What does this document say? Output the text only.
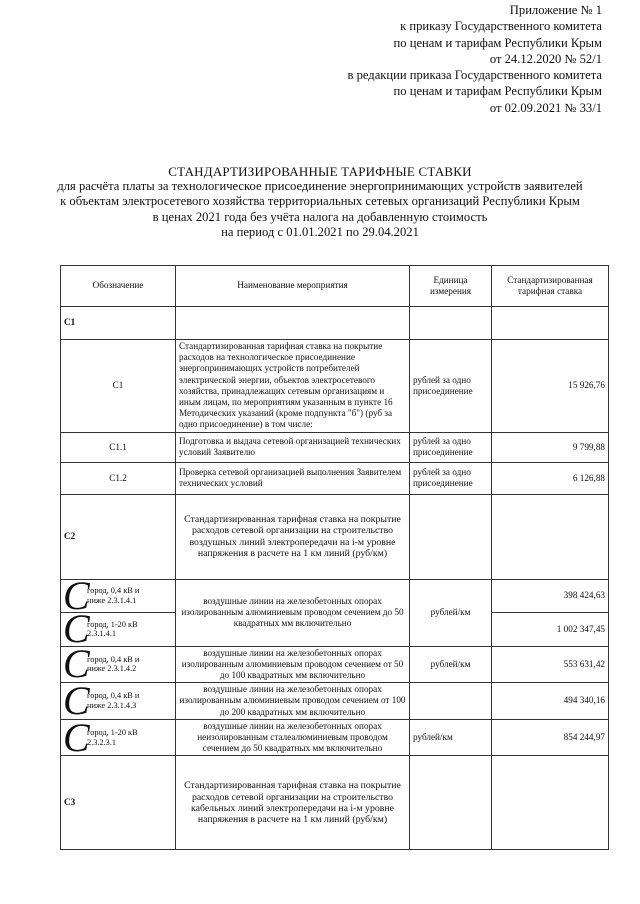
Приложение № 1
к приказу Государственного комитета
по ценам и тарифам Республики Крым
от 24.12.2020 № 52/1
в редакции приказа Государственного комитета
по ценам и тарифам Республики Крым
от 02.09.2021 № 33/1
СТАНДАРТИЗИРОВАННЫЕ ТАРИФНЫЕ СТАВКИ
для расчёта платы за технологическое присоединение энергопринимающих устройств заявителей
к объектам электросетевого хозяйства территориальных сетевых организаций Республики Крым
в ценах 2021 года без учёта налога на добавленную стоимость
на период с 01.01.2021 по 29.04.2021
Обозначение	Наименование мероприятия	Единица измерения	Стандартизированная тарифная ставка
C1			
C1	Стандартизированная тарифная ставка на покрытие расходов на технологическое присоединение энергопринимающих устройств потребителей электрической энергии, объектов электросетевого хозяйства, принадлежащих сетевым организациям и иным лицам, по мероприятиям указанным в пункте 16 Методических указаний (кроме подпункта "б") (руб за одно присоединение) в том числе:	рублей за одно присоединение	15 926,76
C1.1	Подготовка и выдача сетевой организацией технических условий Заявителю	рублей за одно присоединение	9 799,88
C1.2	Проверка сетевой организацией выполнения Заявителем технических условий	рублей за одно присоединение	6 126,88
C2	Стандартизированная тарифная ставка на покрытие расходов сетевой организации на строительство воздушных линий электропередачи на i-м уровне напряжения в расчете на 1 км линий (руб/км)		
Cгород, 0,4 кВ и ниже 2.3.1.4.1	воздушные линии на железобетонных опорах изолированным алюминиевым проводом сечением до 50 квадратных мм включительно	рублей/км	398 424,63
Cгород, 1-20 кВ 2.3.1.4.1			1 002 347,45
Cгород, 0,4 кВ и ниже 2.3.1.4.2	воздушные линии на железобетонных опорах изолированным алюминиевым проводом сечением от 50 до 100 квадратных мм включительно	рублей/км	553 631,42
Cгород, 0,4 кВ и ниже 2.3.1.4.3	воздушные линии на железобетонных опорах изолированным алюминиевым проводом сечением от 100 до 200 квадратных мм включительно		494 340,16
Cгород, 1-20 кВ 2.3.2.3.1	воздушные линии на железобетонных опорах неизолированным сталеалюминиевым проводом сечением до 50 квадратных мм включительно	рублей/км	854 244,97
C3	Стандартизированная тарифная ставка на покрытие расходов сетевой организации на строительство кабельных линий электропередачи на i-м уровне напряжения в расчете на 1 км линий (руб/км)		
